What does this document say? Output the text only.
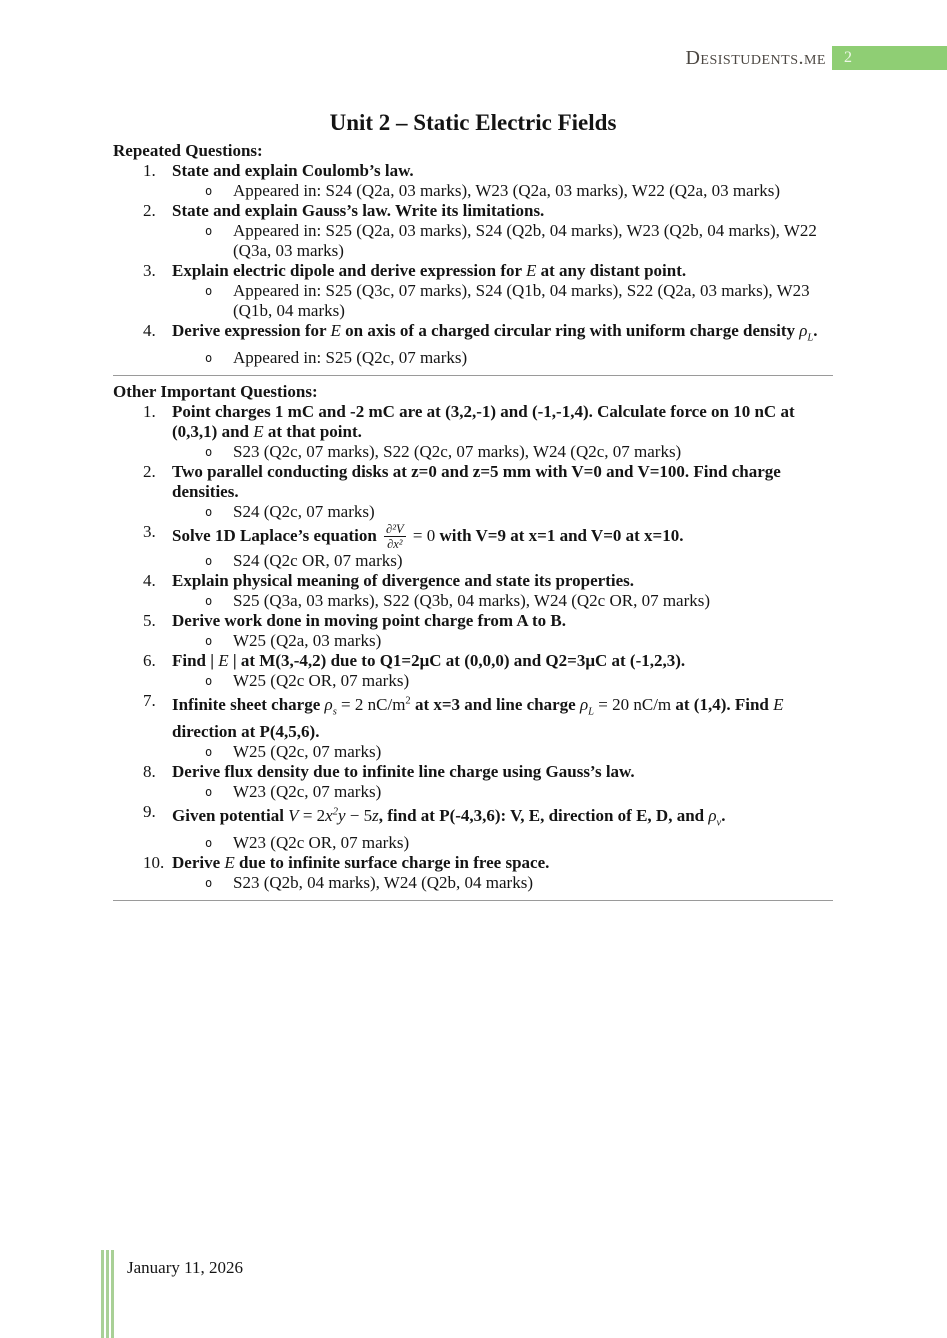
Desistudents.me	2
Unit 2 – Static Electric Fields
Repeated Questions:
1. State and explain Coulomb’s law.
o	Appeared in: S24 (Q2a, 03 marks), W23 (Q2a, 03 marks), W22 (Q2a, 03 marks)
2. State and explain Gauss’s law. Write its limitations.
o	Appeared in: S25 (Q2a, 03 marks), S24 (Q2b, 04 marks), W23 (Q2b, 04 marks), W22 (Q3a, 03 marks)
3. Explain electric dipole and derive expression for E at any distant point.
o	Appeared in: S25 (Q3c, 07 marks), S24 (Q1b, 04 marks), S22 (Q2a, 03 marks), W23 (Q1b, 04 marks)
4. Derive expression for E on axis of a charged circular ring with uniform charge density $\rho_L$.
o	Appeared in: S25 (Q2c, 07 marks)
Other Important Questions:
1. Point charges 1 mC and -2 mC are at (3,2,-1) and (-1,-1,4). Calculate force on 10 nC at (0,3,1) and E at that point.
o	S23 (Q2c, 07 marks), S22 (Q2c, 07 marks), W24 (Q2c, 07 marks)
2. Two parallel conducting disks at z=0 and z=5 mm with V=0 and V=100. Find charge densities.
o	S24 (Q2c, 07 marks)
3. Solve 1D Laplace’s equation $\frac{\text{∂²V}}{\text{∂x²}} = 0$ with V=9 at x=1 and V=0 at x=10.
o	S24 (Q2c OR, 07 marks)
4. Explain physical meaning of divergence and state its properties.
o	S25 (Q3a, 03 marks), S22 (Q3b, 04 marks), W24 (Q2c OR, 07 marks)
5. Derive work done in moving point charge from A to B.
o	W25 (Q2a, 03 marks)
6. Find | E | at M(3,-4,2) due to Q1=2μC at (0,0,0) and Q2=3μC at (-1,2,3).
o	W25 (Q2c OR, 07 marks)
7. Infinite sheet charge $\rho_s = 2$ $nC/m^2$ at x=3 and line charge $\rho_L = 20$ nC/m at (1,4). Find E direction at P(4,5,6).
o	W25 (Q2c, 07 marks)
8. Derive flux density due to infinite line charge using Gauss’s law.
o	W23 (Q2c, 07 marks)
9. Given potential $V = 2x^2y - 5z$, find at P(-4,3,6): V, E, direction of E, D, and $\rho_v$.
o	W23 (Q2c OR, 07 marks)
10. Derive E due to infinite surface charge in free space.
o	S23 (Q2b, 04 marks), W24 (Q2b, 04 marks)
January 11, 2026
